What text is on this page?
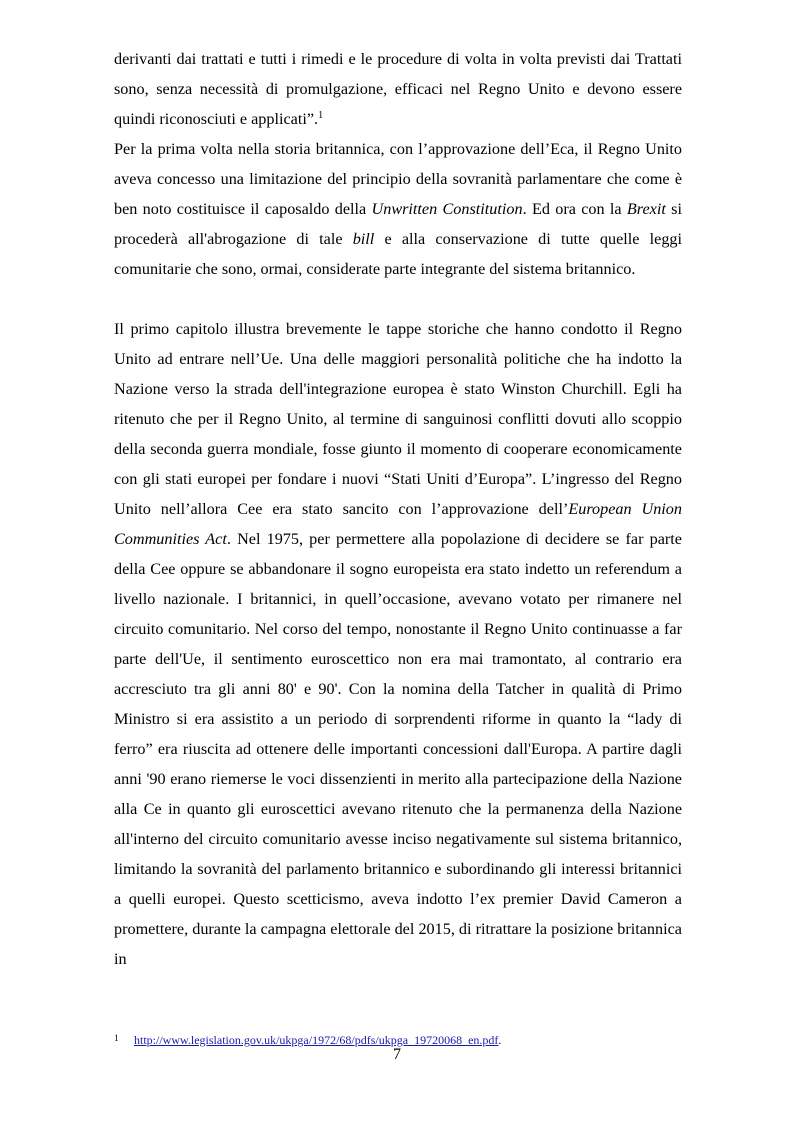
derivanti dai trattati e tutti i rimedi e le procedure di volta in volta previsti dai Trattati sono, senza necessità di promulgazione, efficaci nel Regno Unito e devono essere quindi riconosciuti e applicati”.$^1$

Per la prima volta nella storia britannica, con l’approvazione dell’Eca, il Regno Unito aveva concesso una limitazione del principio della sovranità parlamentare che come è ben noto costituisce il caposaldo della Unwritten Constitution. Ed ora con la Brexit si procederà all'abrogazione di tale bill e alla conservazione di tutte quelle leggi comunitarie che sono, ormai, considerate parte integrante del sistema britannico.

Il primo capitolo illustra brevemente le tappe storiche che hanno condotto il Regno Unito ad entrare nell’Ue. Una delle maggiori personalità politiche che ha indotto la Nazione verso la strada dell'integrazione europea è stato Winston Churchill. Egli ha ritenuto che per il Regno Unito, al termine di sanguinosi conflitti dovuti allo scoppio della seconda guerra mondiale, fosse giunto il momento di cooperare economicamente con gli stati europei per fondare i nuovi “Stati Uniti d’Europa”. L’ingresso del Regno Unito nell’allora Cee era stato sancito con l’approvazione dell’European Union Communities Act. Nel 1975, per permettere alla popolazione di decidere se far parte della Cee oppure se abbandonare il sogno europeista era stato indetto un referendum a livello nazionale. I britannici, in quell’occasione, avevano votato per rimanere nel circuito comunitario. Nel corso del tempo, nonostante il Regno Unito continuasse a far parte dell'Ue, il sentimento euroscettico non era mai tramontato, al contrario era accresciuto tra gli anni 80' e 90'. Con la nomina della Tatcher in qualità di Primo Ministro si era assistito a un periodo di sorprendenti riforme in quanto la “lady di ferro” era riuscita ad ottenere delle importanti concessioni dall'Europa. A partire dagli anni '90 erano riemerse le voci dissenzienti in merito alla partecipazione della Nazione alla Ce in quanto gli euroscettici avevano ritenuto che la permanenza della Nazione all'interno del circuito comunitario avesse inciso negativamente sul sistema britannico, limitando la sovranità del parlamento britannico e subordinando gli interessi britannici a quelli europei. Questo scetticismo, aveva indotto l’ex premier David Cameron a promettere, durante la campagna elettorale del 2015, di ritrattare la posizione britannica in

1 http://www.legislation.gov.uk/ukpga/1972/68/pdfs/ukpga_19720068_en.pdf.
7
